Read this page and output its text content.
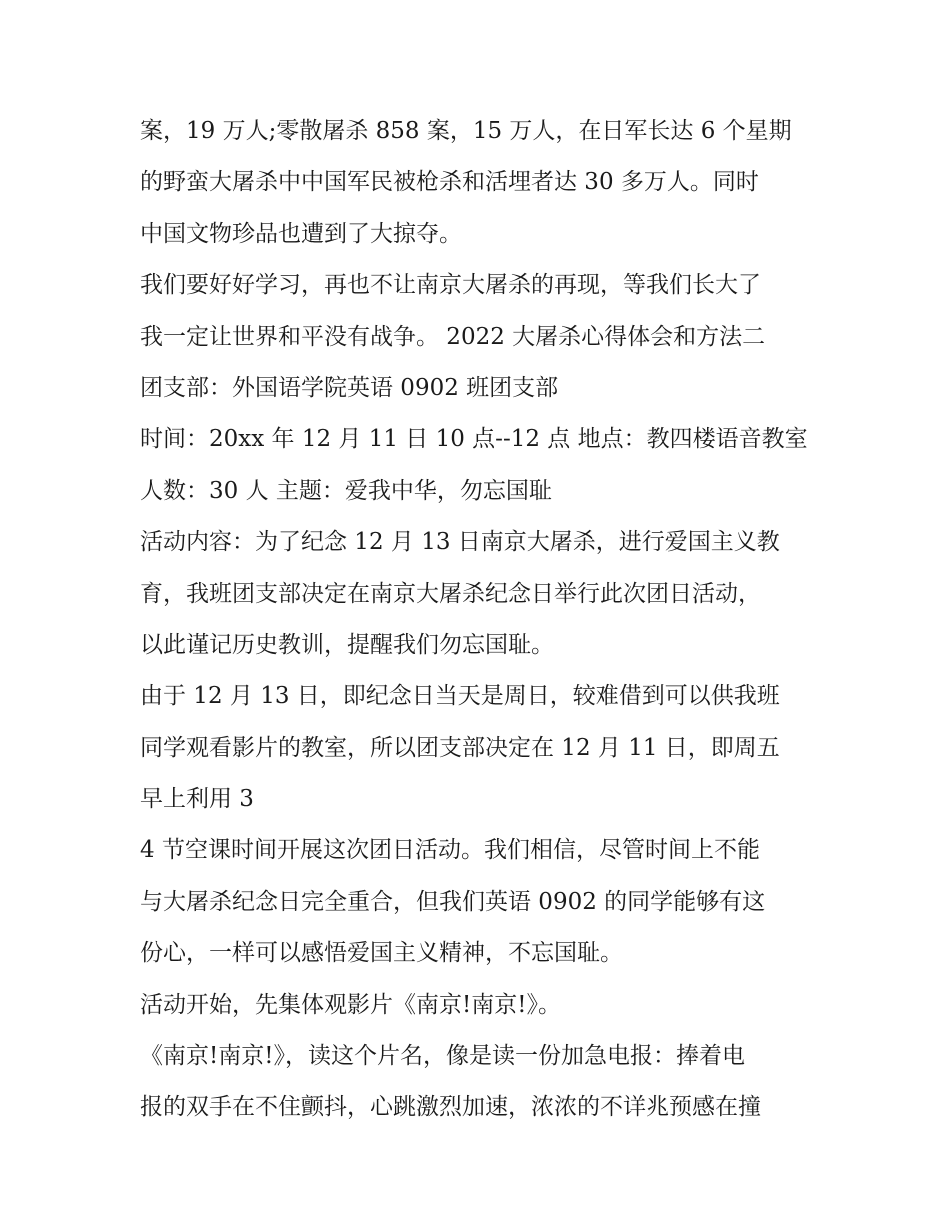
案，19 万人;零散屠杀 858 案，15 万人，在日军长达 6 个星期
的野蛮大屠杀中中国军民被枪杀和活埋者达 30 多万人。同时
中国文物珍品也遭到了大掠夺。
我们要好好学习，再也不让南京大屠杀的再现，等我们长大了
我一定让世界和平没有战争。 2022 大屠杀心得体会和方法二
团支部：外国语学院英语 0902 班团支部
时间：20xx 年 12 月 11 日 10 点--12 点 地点：教四楼语音教室
人数：30 人 主题：爱我中华，勿忘国耻
活动内容：为了纪念 12 月 13 日南京大屠杀，进行爱国主义教
育，我班团支部决定在南京大屠杀纪念日举行此次团日活动，
以此谨记历史教训，提醒我们勿忘国耻。
由于 12 月 13 日，即纪念日当天是周日，较难借到可以供我班
同学观看影片的教室，所以团支部决定在 12 月 11 日，即周五
早上利用 3
4 节空课时间开展这次团日活动。我们相信，尽管时间上不能
与大屠杀纪念日完全重合，但我们英语 0902 的同学能够有这
份心，一样可以感悟爱国主义精神，不忘国耻。
活动开始，先集体观影片《南京!南京!》。
《南京!南京!》，读这个片名，像是读一份加急电报：捧着电
报的双手在不住颤抖，心跳激烈加速，浓浓的不详兆预感在撞
